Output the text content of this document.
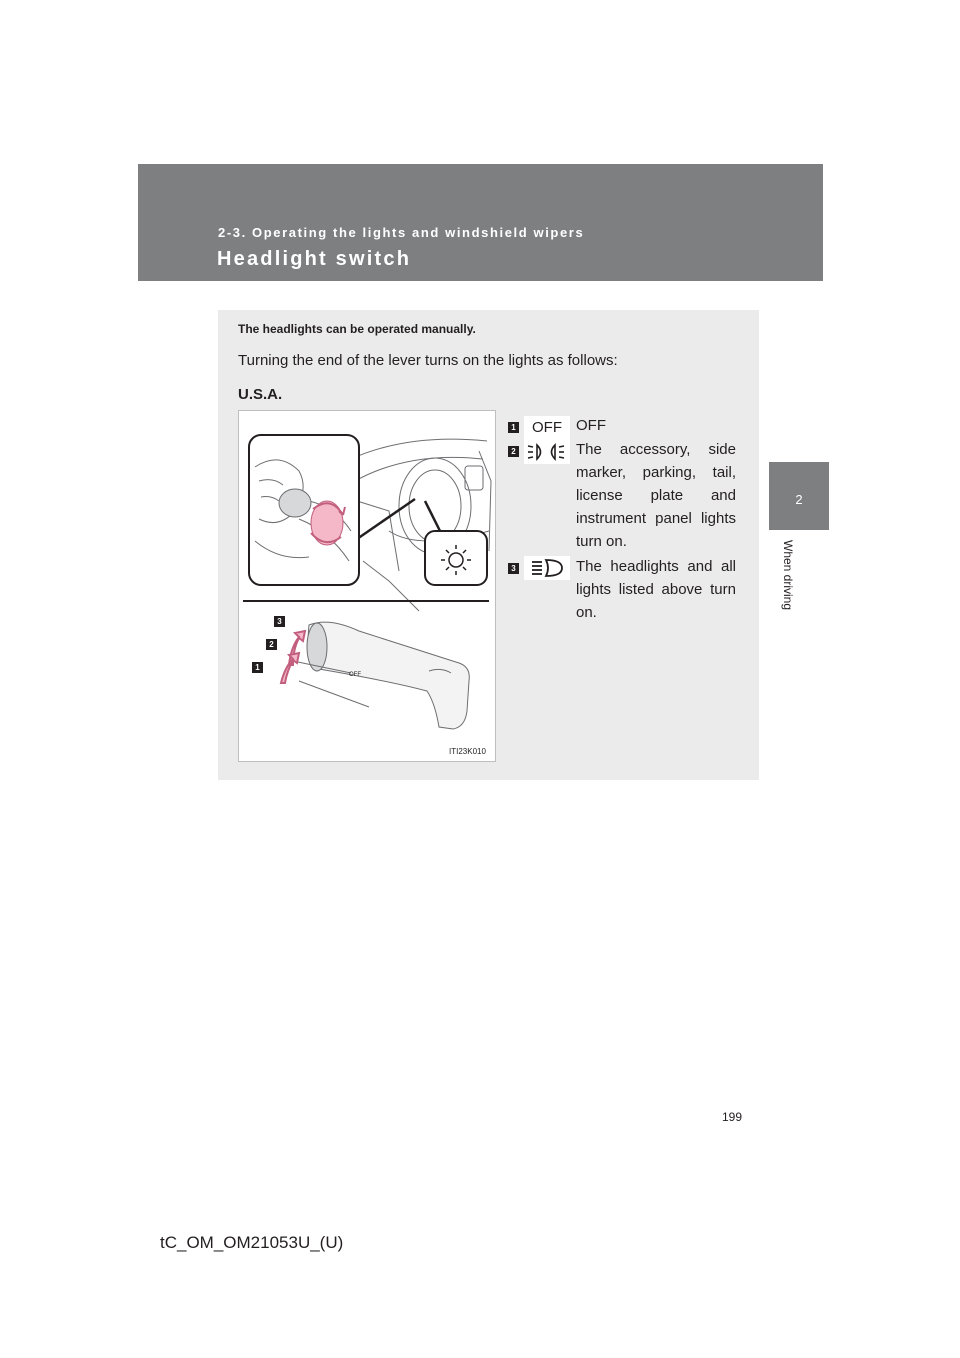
2-3. Operating the lights and windshield wipers
Headlight switch
2
When driving
The headlights can be operated manually.
Turning the end of the lever turns on the lights as follows:
U.S.A.
OFF
3
2
1
ITI23K010
1 OFF OFF
2	The accessory, side marker, parking, tail, license plate and instrument panel lights turn on.
3	The headlights and all lights listed above turn on.
199
tC_OM_OM21053U_(U)
